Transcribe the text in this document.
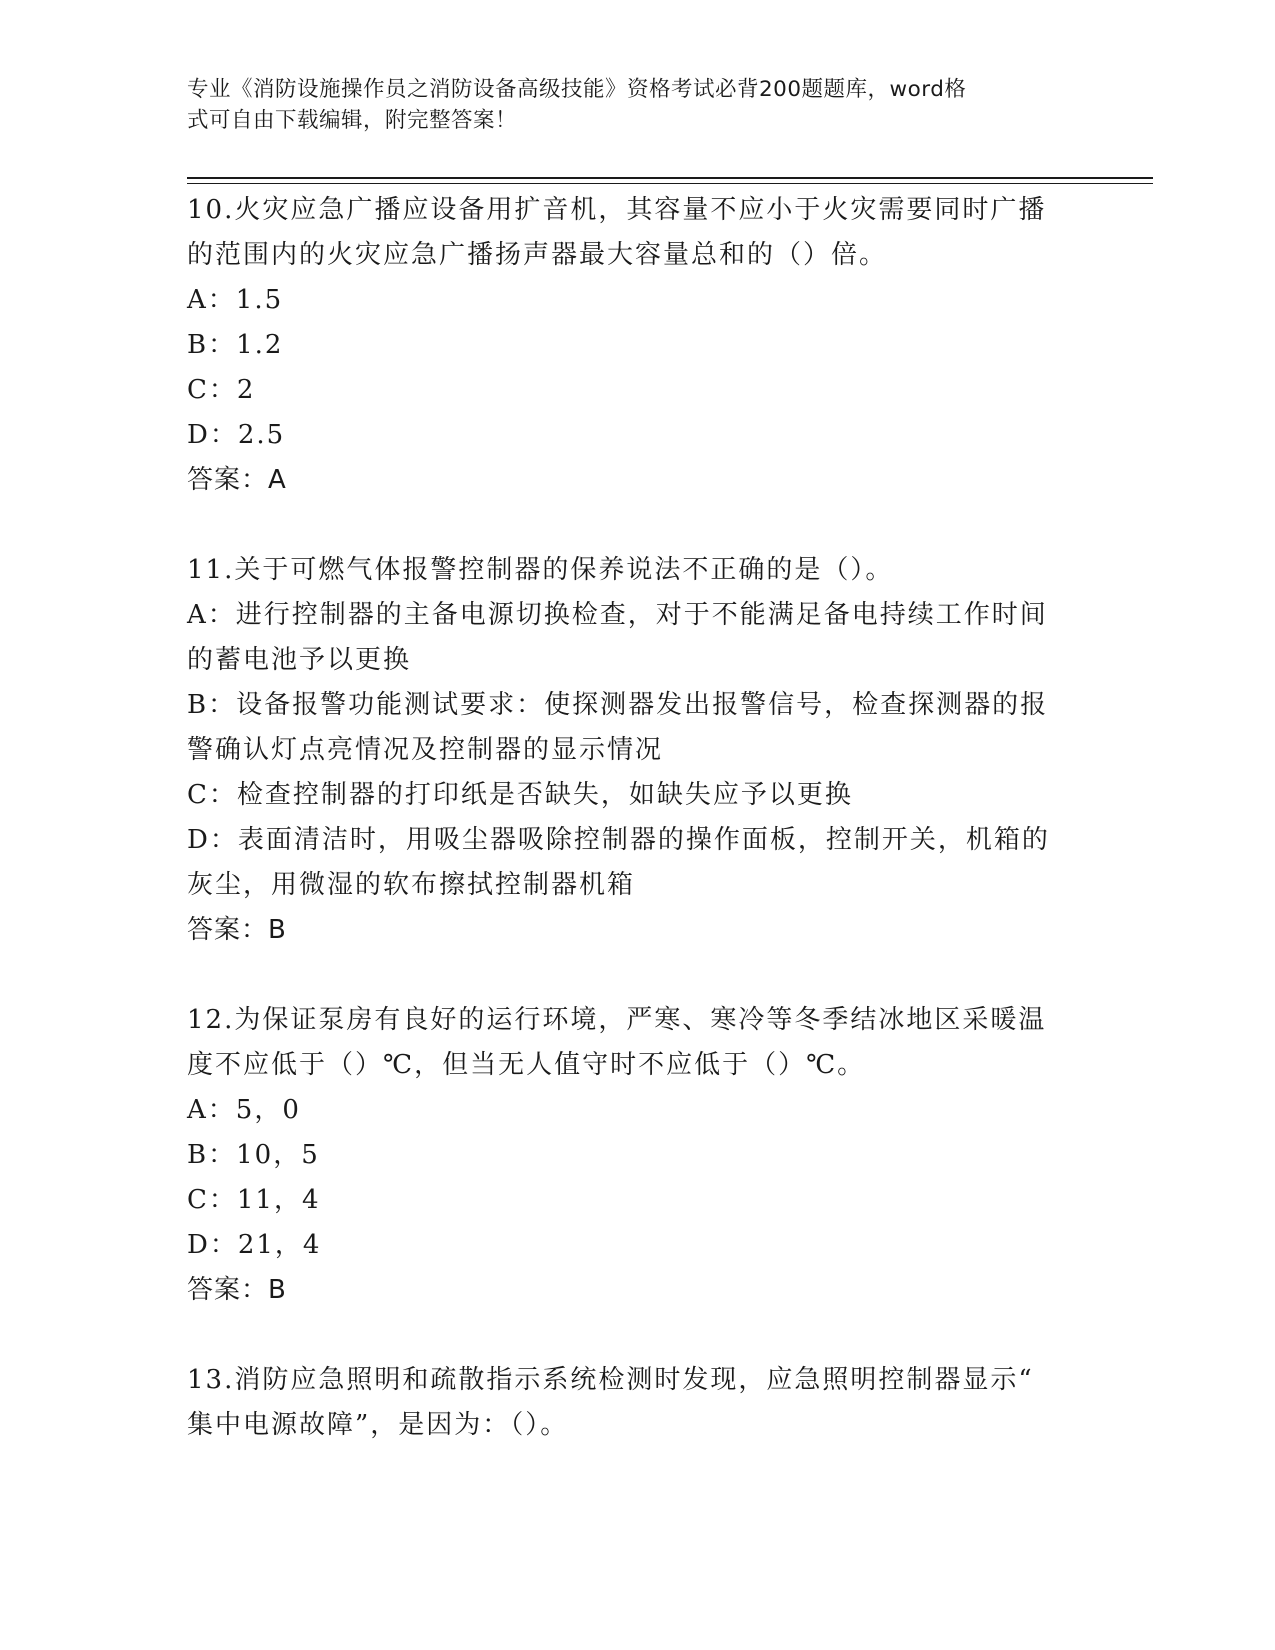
专业《消防设施操作员之消防设备高级技能》资格考试必背200题题库，word格
式可自由下载编辑，附完整答案！
10.火灾应急广播应设备用扩音机，其容量不应小于火灾需要同时广播
的范围内的火灾应急广播扬声器最大容量总和的（）倍。
A：1.5
B：1.2
C：2
D：2.5
答案：A
11.关于可燃气体报警控制器的保养说法不正确的是（）。
A：进行控制器的主备电源切换检查，对于不能满足备电持续工作时间
的蓄电池予以更换
B：设备报警功能测试要求：使探测器发出报警信号，检查探测器的报
警确认灯点亮情况及控制器的显示情况
C：检查控制器的打印纸是否缺失，如缺失应予以更换
D：表面清洁时，用吸尘器吸除控制器的操作面板，控制开关，机箱的
灰尘，用微湿的软布擦拭控制器机箱
答案：B
12.为保证泵房有良好的运行环境，严寒、寒冷等冬季结冰地区采暖温
度不应低于（）℃，但当无人值守时不应低于（）℃。
A：5，0
B：10，5
C：11，4
D：21，4
答案：B
13.消防应急照明和疏散指示系统检测时发现，应急照明控制器显示“
集中电源故障”，是因为：（）。
